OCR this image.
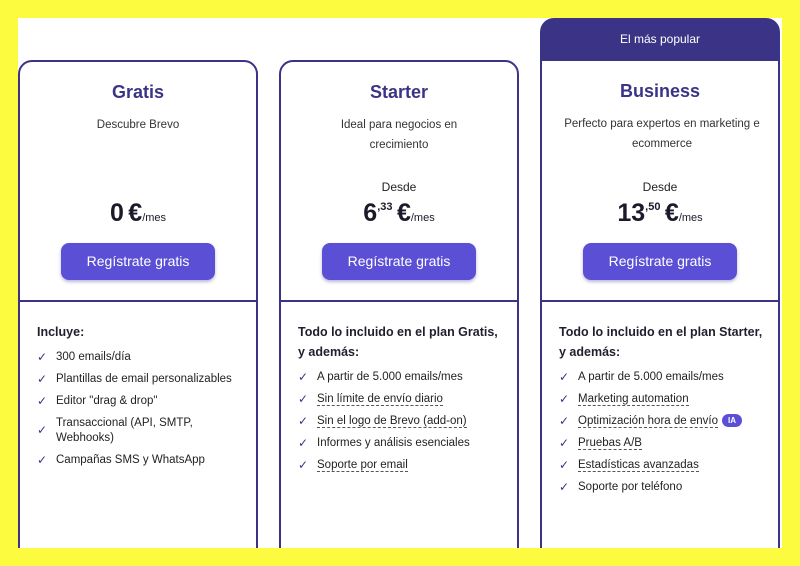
Gratis
Descubre Brevo
0 €/mes
Regístrate gratis
Incluye:
✓ 300 emails/día
✓ Plantillas de email personalizables
✓ Editor "drag & drop"
✓ Transaccional (API, SMTP, Webhooks)
✓ Campañas SMS y WhatsApp
Starter
Ideal para negocios en crecimiento
Desde
$6^{,33}$ €/mes
Regístrate gratis
Todo lo incluido en el plan Gratis, y además:
✓ A partir de 5.000 emails/mes
✓ Sin límite de envío diario
✓ Sin el logo de Brevo (add-on)
✓ Informes y análisis esenciales
✓ Soporte por email
El más popular
Business
Perfecto para expertos en marketing e ecommerce
Desde
$13^{,50}$ €/mes
Regístrate gratis
Todo lo incluido en el plan Starter, y además:
✓ A partir de 5.000 emails/mes
✓ Marketing automation
✓ Optimización hora de envío IA
✓ Pruebas A/B
✓ Estadísticas avanzadas
✓ Soporte por teléfono
